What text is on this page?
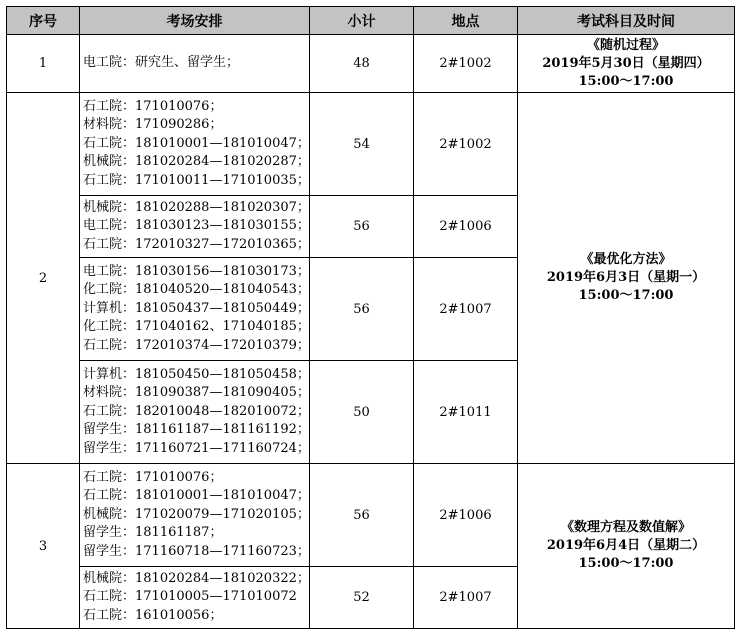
序号	考场安排	小计	地点	考试科目及时间
1	电工院：研究生、留学生；	48	2#1002	《随机过程》
2019年5月30日（星期四）
15:00～17:00

2	石工院：171010076；
材料院：171090286；
石工院：181010001—181010047；
机械院：181020284—181020287；
石工院：171010011—171010035；	54	2#1002	《最优化方法》
2019年6月3日（星期一）
15:00～17:00

	机械院：181020288—181020307；
电工院：181030123—181030155；
石工院：172010327—172010365；	56	2#1006	

	电工院：181030156—181030173；
化工院：181040520—181040543；
计算机：181050437—181050449；
化工院：171040162、171040185；
石工院：172010374—172010379；	56	2#1007	

	计算机：181050450—181050458；
材料院：181090387—181090405；
石工院：182010048—182010072；
留学生：181161187—181161192；
留学生：171160721—171160724；	50	2#1011	
3	石工院：171010076；
石工院：181010001—181010047；
机械院：171020079—171020105；
留学生：181161187；
留学生：171160718—171160723；	56	2#1006	《数理方程及数值解》
2019年6月4日（星期二）
15:00～17:00

	机械院：181020284—181020322；
石工院：171010005—171010072
石工院：161010056；	52	2#1007	
